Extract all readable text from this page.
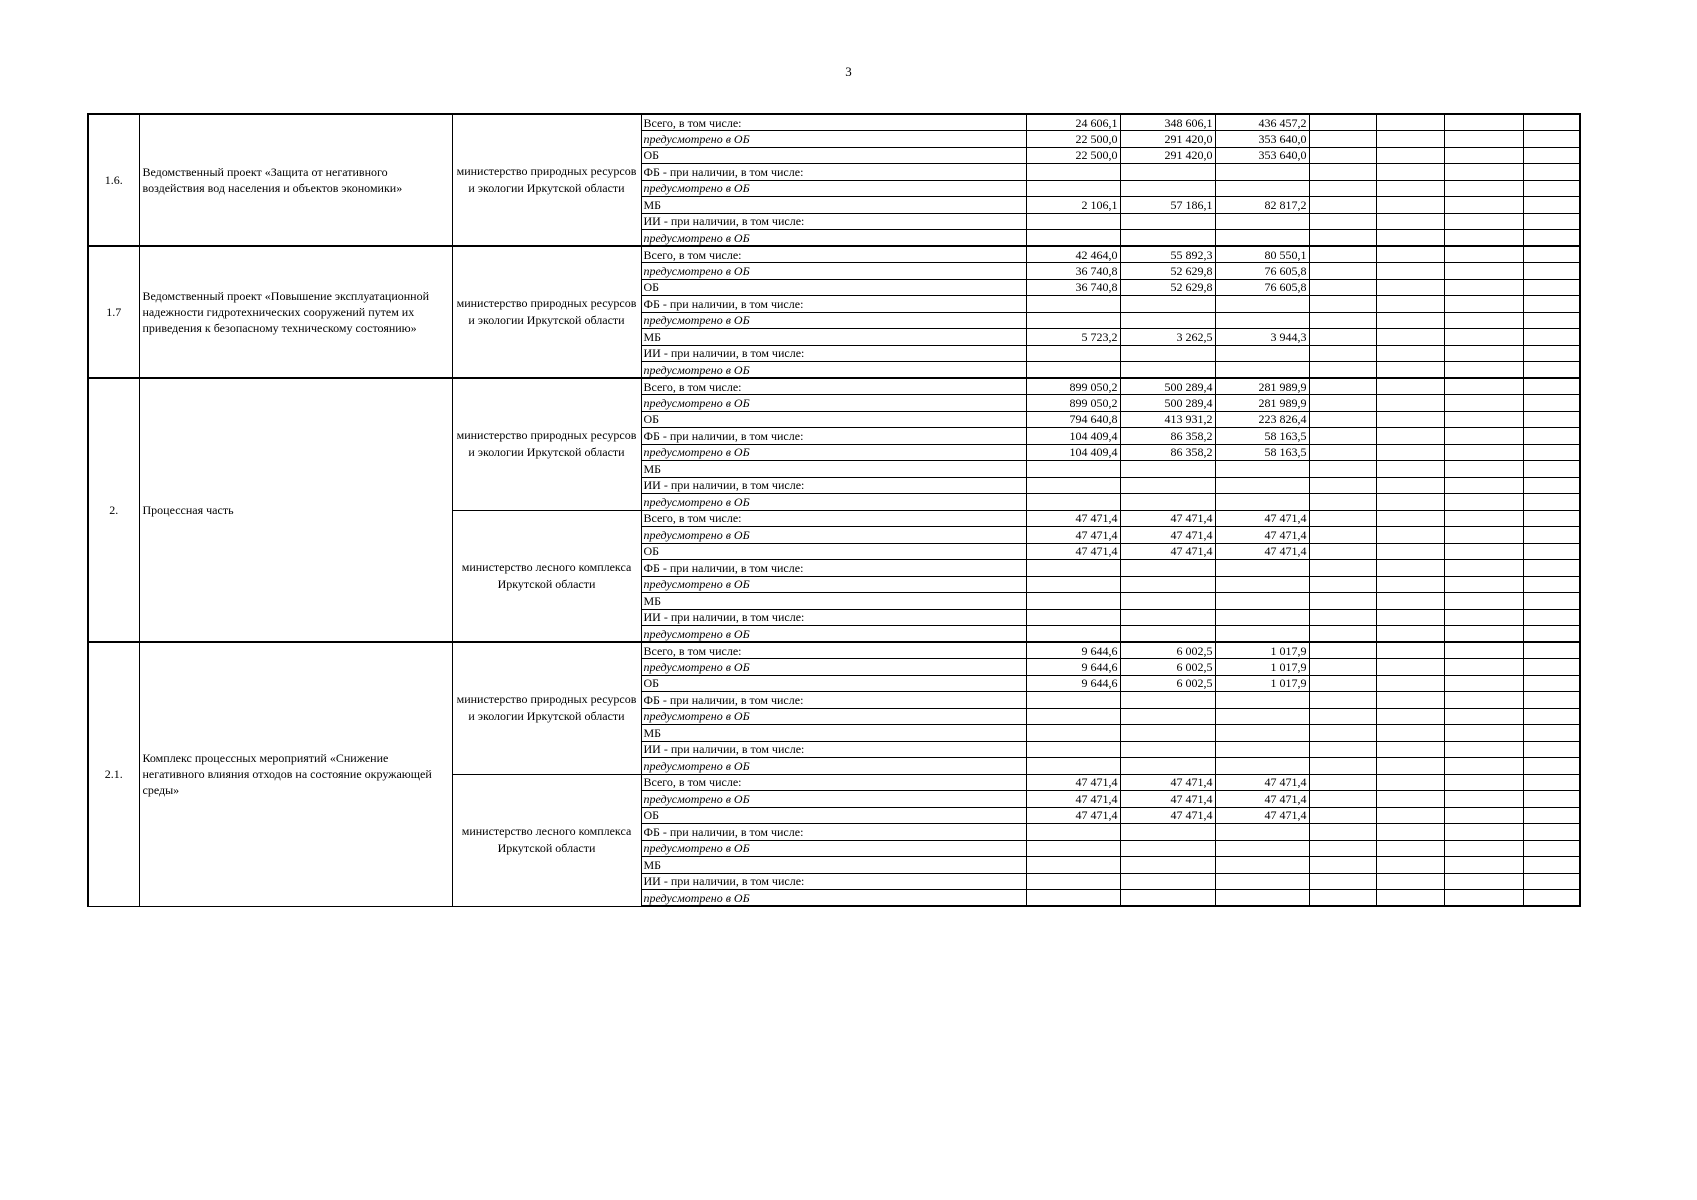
3
1.6.	Ведомственный проект «Защита от негативного воздействия вод населения и объектов экономики»	министерство природных ресурсов и экологии Иркутской области	Всего, в том числе:	24 606,1	348 606,1	436 457,2				
			предусмотрено в ОБ	22 500,0	291 420,0	353 640,0				
			ОБ	22 500,0	291 420,0	353 640,0				
			ФБ - при наличии, в том числе:							
			предусмотрено в ОБ							
			МБ	2 106,1	57 186,1	82 817,2				
			ИИ - при наличии, в том числе:							
			предусмотрено в ОБ							
1.7	Ведомственный проект «Повышение эксплуатационной надежности гидротехнических сооружений путем их приведения к безопасному техническому состоянию»	министерство природных ресурсов и экологии Иркутской области	Всего, в том числе:	42 464,0	55 892,3	80 550,1				
			предусмотрено в ОБ	36 740,8	52 629,8	76 605,8				
			ОБ	36 740,8	52 629,8	76 605,8				
			ФБ - при наличии, в том числе:							
			предусмотрено в ОБ							
			МБ	5 723,2	3 262,5	3 944,3				
			ИИ - при наличии, в том числе:							
			предусмотрено в ОБ							
2.	Процессная часть	министерство природных ресурсов и экологии Иркутской области	Всего, в том числе:	899 050,2	500 289,4	281 989,9				
			предусмотрено в ОБ	899 050,2	500 289,4	281 989,9				
			ОБ	794 640,8	413 931,2	223 826,4				
			ФБ - при наличии, в том числе:	104 409,4	86 358,2	58 163,5				
			предусмотрено в ОБ	104 409,4	86 358,2	58 163,5				
			МБ							
			ИИ - при наличии, в том числе:							
			предусмотрено в ОБ							
		министерство лесного комплекса Иркутской области	Всего, в том числе:	47 471,4	47 471,4	47 471,4				
			предусмотрено в ОБ	47 471,4	47 471,4	47 471,4				
			ОБ	47 471,4	47 471,4	47 471,4				
			ФБ - при наличии, в том числе:							
			предусмотрено в ОБ							
			МБ							
			ИИ - при наличии, в том числе:							
			предусмотрено в ОБ							
2.1.	Комплекс процессных мероприятий «Снижение негативного влияния отходов на состояние окружающей среды»	министерство природных ресурсов и экологии Иркутской области	Всего, в том числе:	9 644,6	6 002,5	1 017,9				
			предусмотрено в ОБ	9 644,6	6 002,5	1 017,9				
			ОБ	9 644,6	6 002,5	1 017,9				
			ФБ - при наличии, в том числе:							
			предусмотрено в ОБ							
			МБ							
			ИИ - при наличии, в том числе:							
			предусмотрено в ОБ							
		министерство лесного комплекса Иркутской области	Всего, в том числе:	47 471,4	47 471,4	47 471,4				
			предусмотрено в ОБ	47 471,4	47 471,4	47 471,4				
			ОБ	47 471,4	47 471,4	47 471,4				
			ФБ - при наличии, в том числе:							
			предусмотрено в ОБ							
			МБ							
			ИИ - при наличии, в том числе:							
			предусмотрено в ОБ							
